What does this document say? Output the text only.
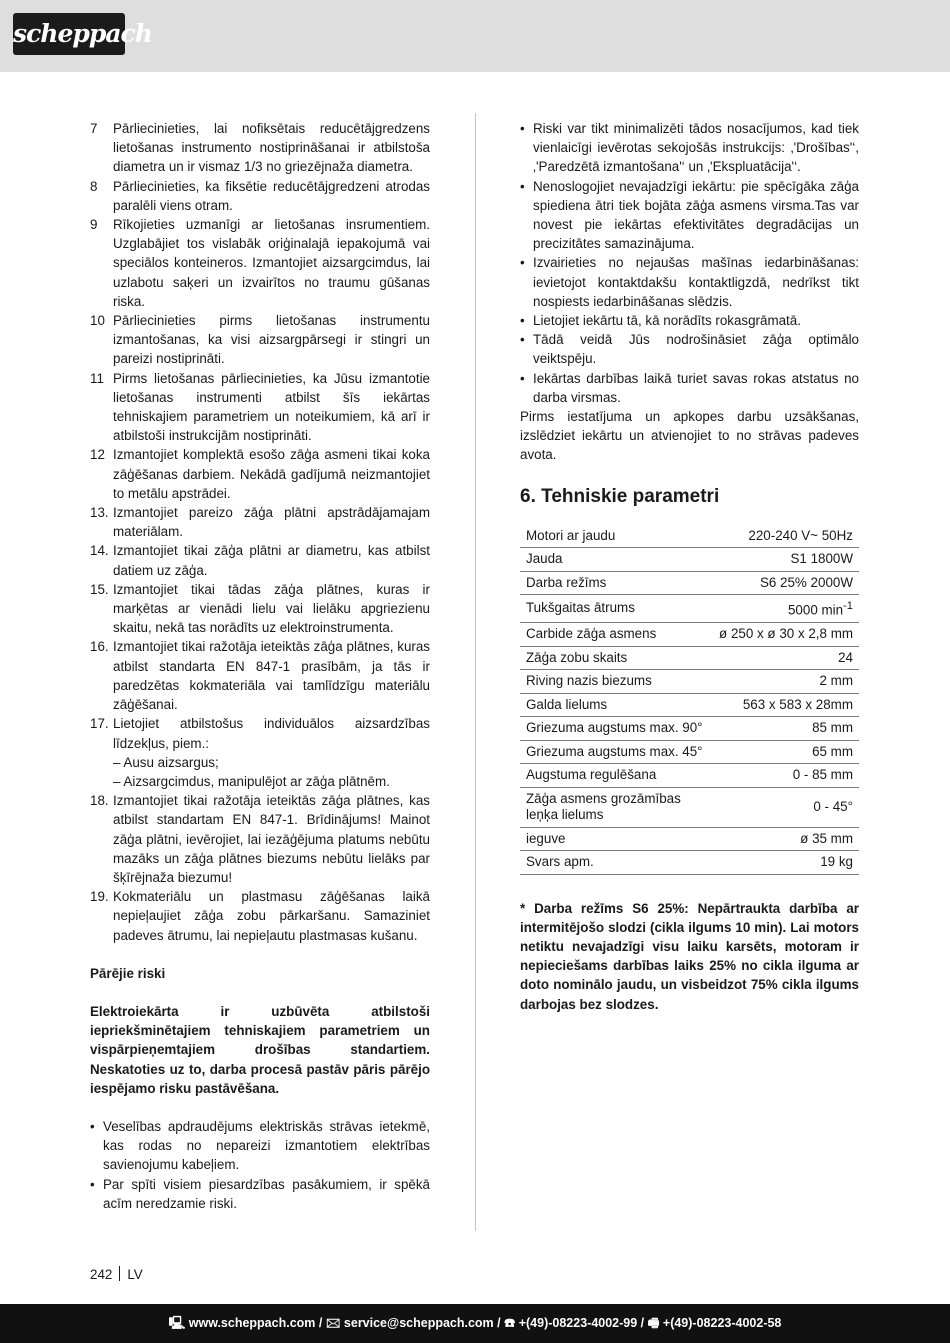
scheppach
7	Pārliecinieties, lai nofiksētais reducētājgredzens lietošanas instrumento nostiprināšanai ir atbilstoša diametra un ir vismaz 1/3 no griezējnaža diametra.
8	Pārliecinieties, ka fiksētie reducētājgredzeni atrodas paralēli viens otram.
9	Rīkojieties uzmanīgi ar lietošanas insrumentiem. Uzglabājiet tos vislabāk oriģinalajā iepakojumā vai speciālos konteineros. Izmantojiet aizsargcimdus, lai uzlabotu saķeri un izvairītos no traumu gūšanas riska.
10 Pārliecinieties pirms lietošanas instrumentu izmantošanas, ka visi aizsargpārsegi ir stingri un pareizi nostiprināti.
11 Pirms lietošanas pārliecinieties, ka Jūsu izmantotie lietošanas instrumenti atbilst šīs iekārtas tehniskajiem parametriem un noteikumiem, kā arī ir atbilstoši instrukcijām nostiprināti.
12 Izmantojiet komplektā esošo zāģa asmeni tikai koka zāģēšanas darbiem. Nekādā gadījumā neizmantojiet to metālu apstrādei.
13. Izmantojiet pareizo zāģa plātni apstrādājamajam materiālam.
14. Izmantojiet tikai zāģa plātni ar diametru, kas atbilst datiem uz zāģa.
15. Izmantojiet tikai tādas zāģa plātnes, kuras ir marķētas ar vienādi lielu vai lielāku apgriezienu skaitu, nekā tas norādīts uz elektroinstrumenta.
16. Izmantojiet tikai ražotāja ieteiktās zāģa plātnes, kuras atbilst standarta EN 847-1 prasībām, ja tās ir paredzētas kokmateriāla vai tamlīdzīgu materiālu zāģēšanai.
17. Lietojiet atbilstošus individuālos aizsardzības līdzekļus, piem.:
– Ausu aizsargus;
– Aizsargcimdus, manipulējot ar zāģa plātnēm.
18. Izmantojiet tikai ražotāja ieteiktās zāģa plātnes, kas atbilst standartam EN 847-1. Brīdinājums! Mainot zāģa plātni, ievērojiet, lai iezāģējuma platums nebūtu mazāks un zāģa plātnes biezums nebūtu lielāks par šķīrējnaža biezumu!
19. Kokmateriālu un plastmasu zāģēšanas laikā nepieļaujiet zāģa zobu pārkaršanu. Samaziniet padeves ātrumu, lai nepieļautu plastmasas kušanu.
Pārējie riski
Elektroiekārta ir uzbūvēta atbilstoši iepriekšminētajiem tehniskajiem parametriem un vispārpieņemtajiem drošības standartiem. Neskatoties uz to, darba procesā pastāv pāris pārējo iespējamo risku pastāvēšana.
• Veselības apdraudējums elektriskās strāvas ietekmē, kas rodas no nepareizi izmantotiem elektrības savienojumu kabeļiem.
• Par spīti visiem piesardzības pasākumiem, ir spēkā acīm neredzamie riski.
• Riski var tikt minimalizēti tādos nosacījumos, kad tiek vienlaicīgi ievērotas sekojošās instrukcijs: ‚'Drošības'‘, ‚'Paredzētā izmantošana'‘ un ‚'Ekspluatācija'‘.
• Nenoslogojiet nevajadzīgi iekārtu: pie spēcīgāka zāģa spiediena ātri tiek bojāta zāģa asmens virsma.Tas var novest pie iekārtas efektivitātes degradācijas un precizitātes samazinājuma.
• Izvairieties no nejaušas mašīnas iedarbināšanas: ievietojot kontaktdakšu kontaktligzdā, nedrīkst tikt nospiests iedarbināšanas slēdzis.
• Lietojiet iekārtu tā, kā norādīts rokasgrāmatā.
• Tādā veidā Jūs nodrošināsiet zāģa optimālo veiktspēju.
• Iekārtas darbības laikā turiet savas rokas atstatus no darba virsmas.
Pirms iestatījuma un apkopes darbu uzsākšanas, izslēdziet iekārtu un atvienojiet to no strāvas padeves avota.
6. Tehniskie parametri
Motori ar jaudu	220-240 V~ 50Hz
Jauda	S1 1800W
Darba režīms	S6 25% 2000W
Tukšgaitas ātrums	5000 $\min^{-1}$
Carbide zāģa asmens	ø 250 x ø 30 x 2,8 mm
Zāģa zobu skaits	24
Riving nazis biezums	2 mm
Galda lielums	563 x 583 x 28mm
Griezuma augstums max. 90°	85 mm
Griezuma augstums max. 45°	65 mm
Augstuma regulēšana	0 - 85 mm
Zāģa asmens grozāmības leņķa lielums	0 - 45°
ieguve	ø 35 mm
Svars apm.	19 kg
* Darba režīms S6 25%: Nepārtraukta darbība ar intermitējošo slodzi (cikla ilgums 10 min). Lai motors netiktu nevajadzīgi visu laiku karsēts, motoram ir nepieciešams darbības laiks 25% no cikla ilguma ar doto nominālo jaudu, un visbeidzot 75% cikla ilgums darbojas bez slodzes.
242 LV
🖳 www.scheppach.com / 🖂 service@scheppach.com / ☎ +(49)-08223-4002-99 / 🖷 +(49)-08223-4002-58
